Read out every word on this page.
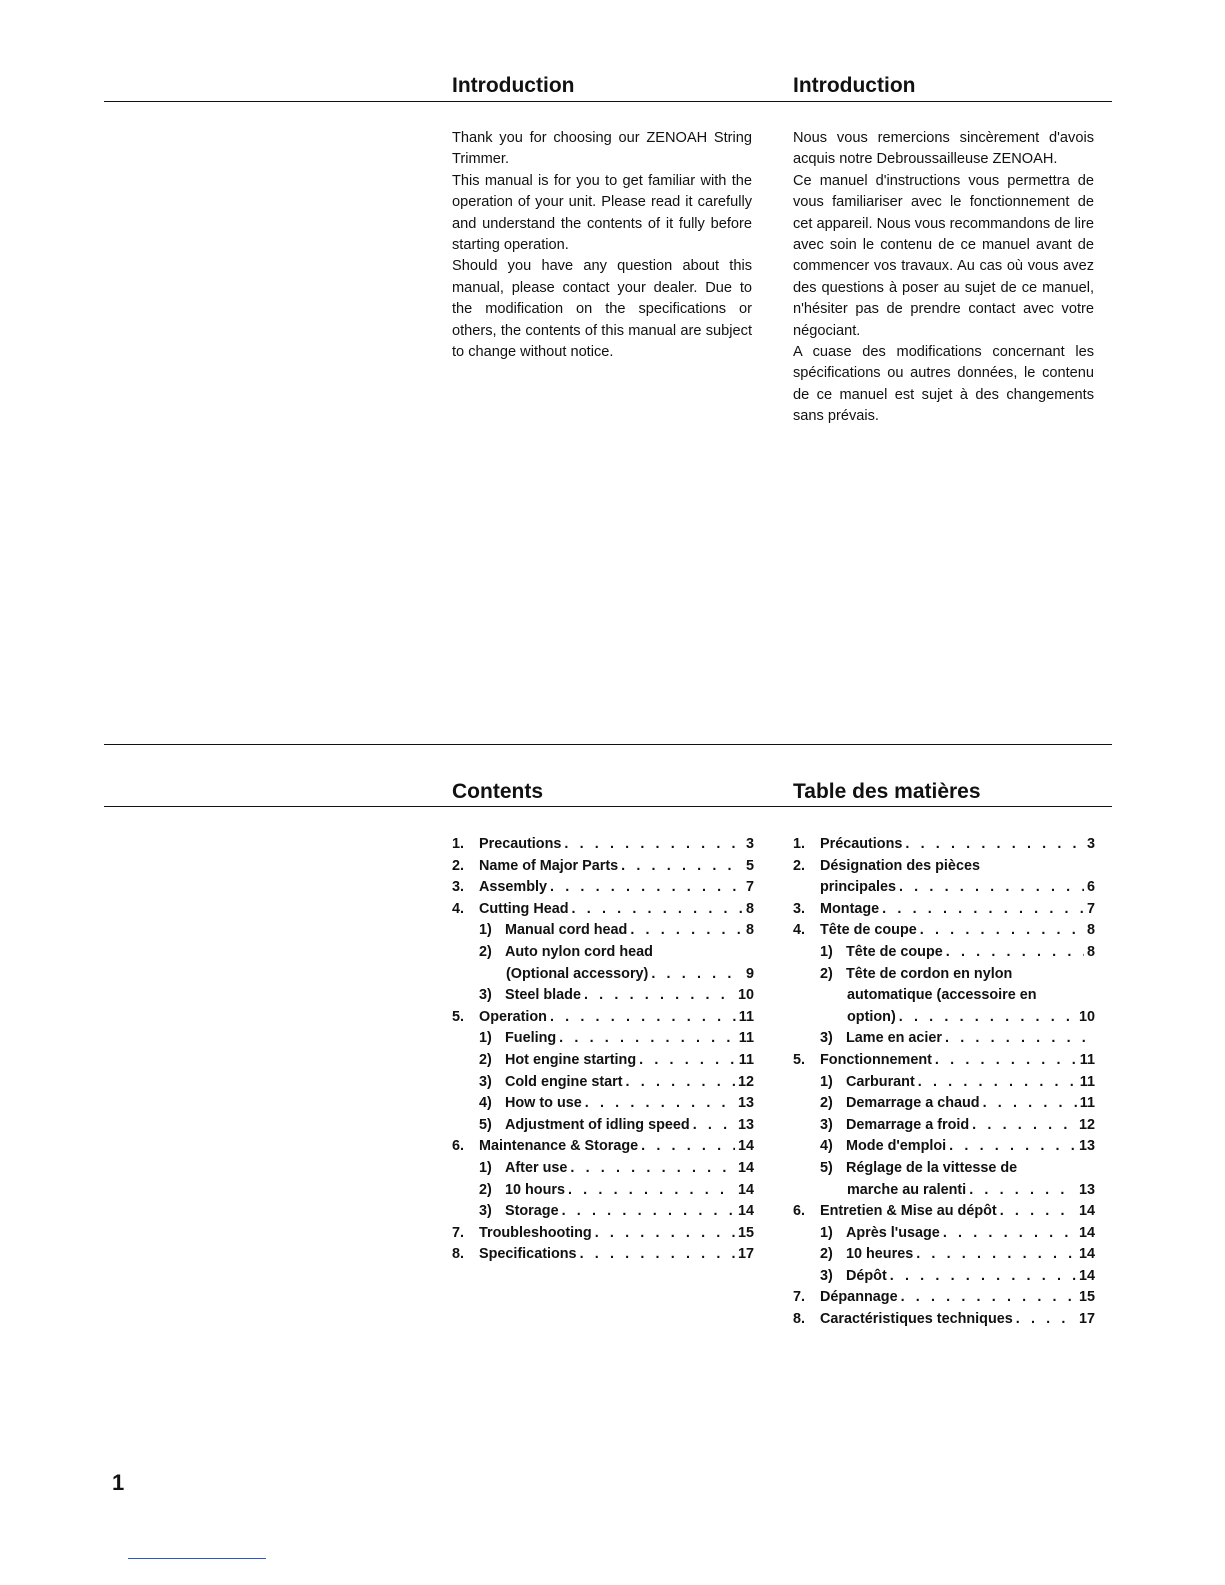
Introduction	Introduction

Thank you for choosing our ZENOAH String Trimmer.

This manual is for you to get familiar with the operation of your unit. Please read it carefully and understand the contents of it fully before starting operation.

Should you have any question about this manual, please contact your dealer. Due to the modification on the specifications or others, the contents of this manual are subject to change without notice.

Nous vous remercions sincèrement d'avois acquis notre Debroussailleuse ZENOAH.

Ce manuel d'instructions vous permettra de vous familiariser avec le fonctionnement de cet appareil. Nous vous recommandons de lire avec soin le contenu de ce manuel avant de commencer vos travaux. Au cas où vous avez des questions à poser au sujet de ce manuel, n'hésiter pas de prendre contact avec votre négociant.

A cuase des modifications concernant les spécifications ou autres données, le contenu de ce manuel est sujet à des changements sans prévais.

Contents	Table des matières
1.	Precautions . . .	3
2.	Name of Major Parts . . .	5
3.	Assembly . . .	7
4.	Cutting Head . . .	8
1) Manual cord head . . .	8
2) Auto nylon cord head
(Optional accessory) . . .	9
3) Steel blade . . .	10
5.	Operation . . .	11
1) Fueling . . .	11
2) Hot engine starting . . .	11
3) Cold engine start . . .	12
4) How to use . . .	13
5) Adjustment of idling speed . . .	13
6.	Maintenance & Storage . . .	14
1) After use . . .	14
2) 10 hours . . .	14
3) Storage . . .	14
7.	Troubleshooting . . .	15
8.	Specifications . . .	17
1.	Précautions . . .	3
2.	Désignation des pièces
principales . . .	6
3.	Montage . . .	7
4.	Tête de coupe . . .	8
1) Tête de coupe . . .	8
2) Tête de cordon en nylon
automatique (accessoire en
option) . . .	10
3) Lame en acier
. . .
5.	Fonctionnement . . .	11
1) Carburant . . .	11
2) Demarrage a chaud . . .	11
3) Demarrage a froid . . .	12
4) Mode d'emploi . . .	13
5) Réglage de la vittesse de
marche au ralenti . . .	13
6.	Entretien & Mise au dépôt . . .	14
1) Après l'usage . . .	14
2) 10 heures . . .	14
3) Dépôt . . .	14
7.	Dépannage . . .	15
8.	Caractéristiques techniques . . .	17
1
